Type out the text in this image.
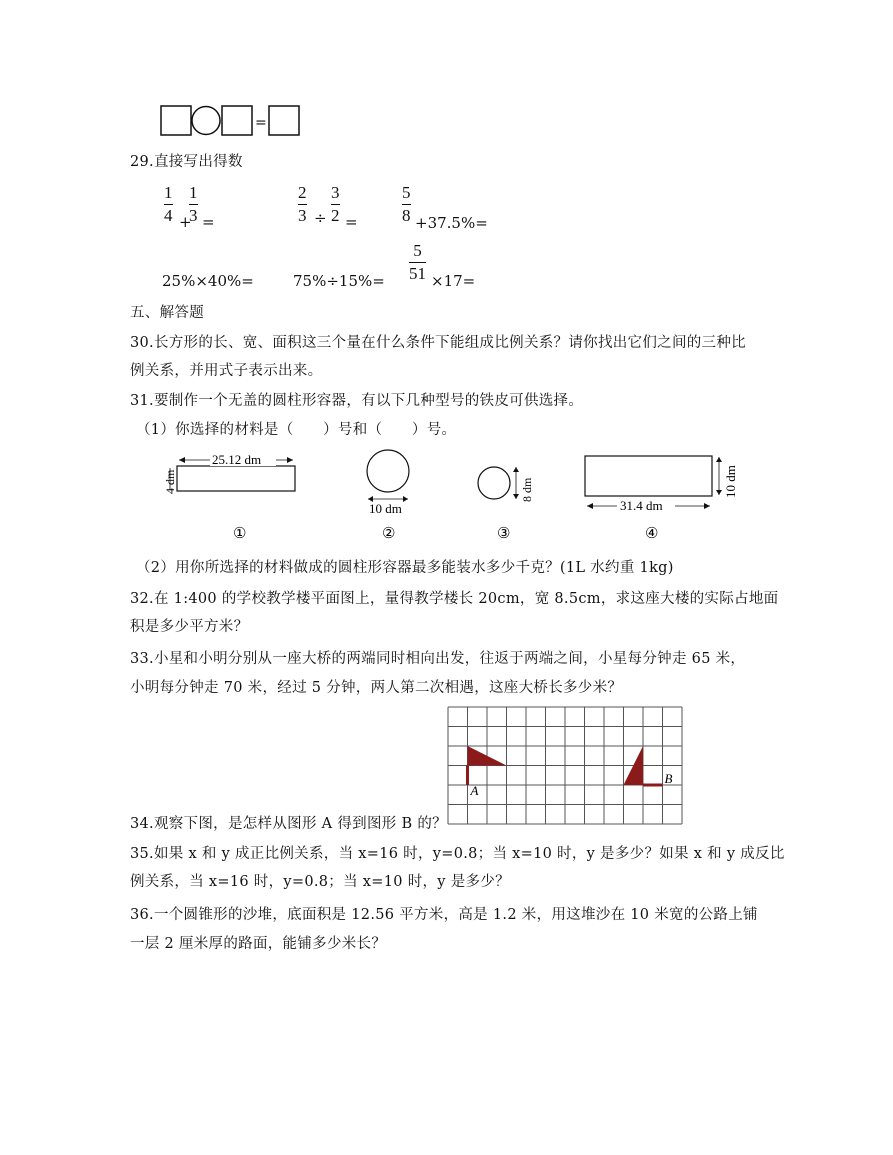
=
29.直接写出得数
1
4 +
1
3 =
2
3 ÷
3
2 =
5
8 +37.5%=
25%×40%=	75%÷15%=
5
51 ×17=
五、解答题
30.长方形的长、宽、面积这三个量在什么条件下能组成比例关系？请你找出它们之间的三种比
例关系，并用式子表示出来。
31.要制作一个无盖的圆柱形容器，有以下几种型号的铁皮可供选择。
（1）你选择的材料是（　　）号和（　　）号。
25.12 dm
4 dm
①
10 dm
②
8 dm
③
31.4 dm
10 dm
④
（2）用你所选择的材料做成的圆柱形容器最多能装水多少千克？(1L 水约重 1kg)
32.在 1:400 的学校教学楼平面图上，量得教学楼长 20cm，宽 8.5cm，求这座大楼的实际占地面
积是多少平方米？
33.小星和小明分别从一座大桥的两端同时相向出发，往返于两端之间，小星每分钟走 65 米，
小明每分钟走 70 米，经过 5 分钟，两人第二次相遇，这座大桥长多少米？
A
B
34.观察下图，是怎样从图形 A 得到图形 B 的？
35.如果 x 和 y 成正比例关系，当 x=16 时，y=0.8；当 x=10 时，y 是多少？如果 x 和 y 成反比
例关系，当 x=16 时，y=0.8；当 x=10 时，y 是多少？
36.一个圆锥形的沙堆，底面积是 12.56 平方米，高是 1.2 米，用这堆沙在 10 米宽的公路上铺
一层 2 厘米厚的路面，能铺多少米长？
